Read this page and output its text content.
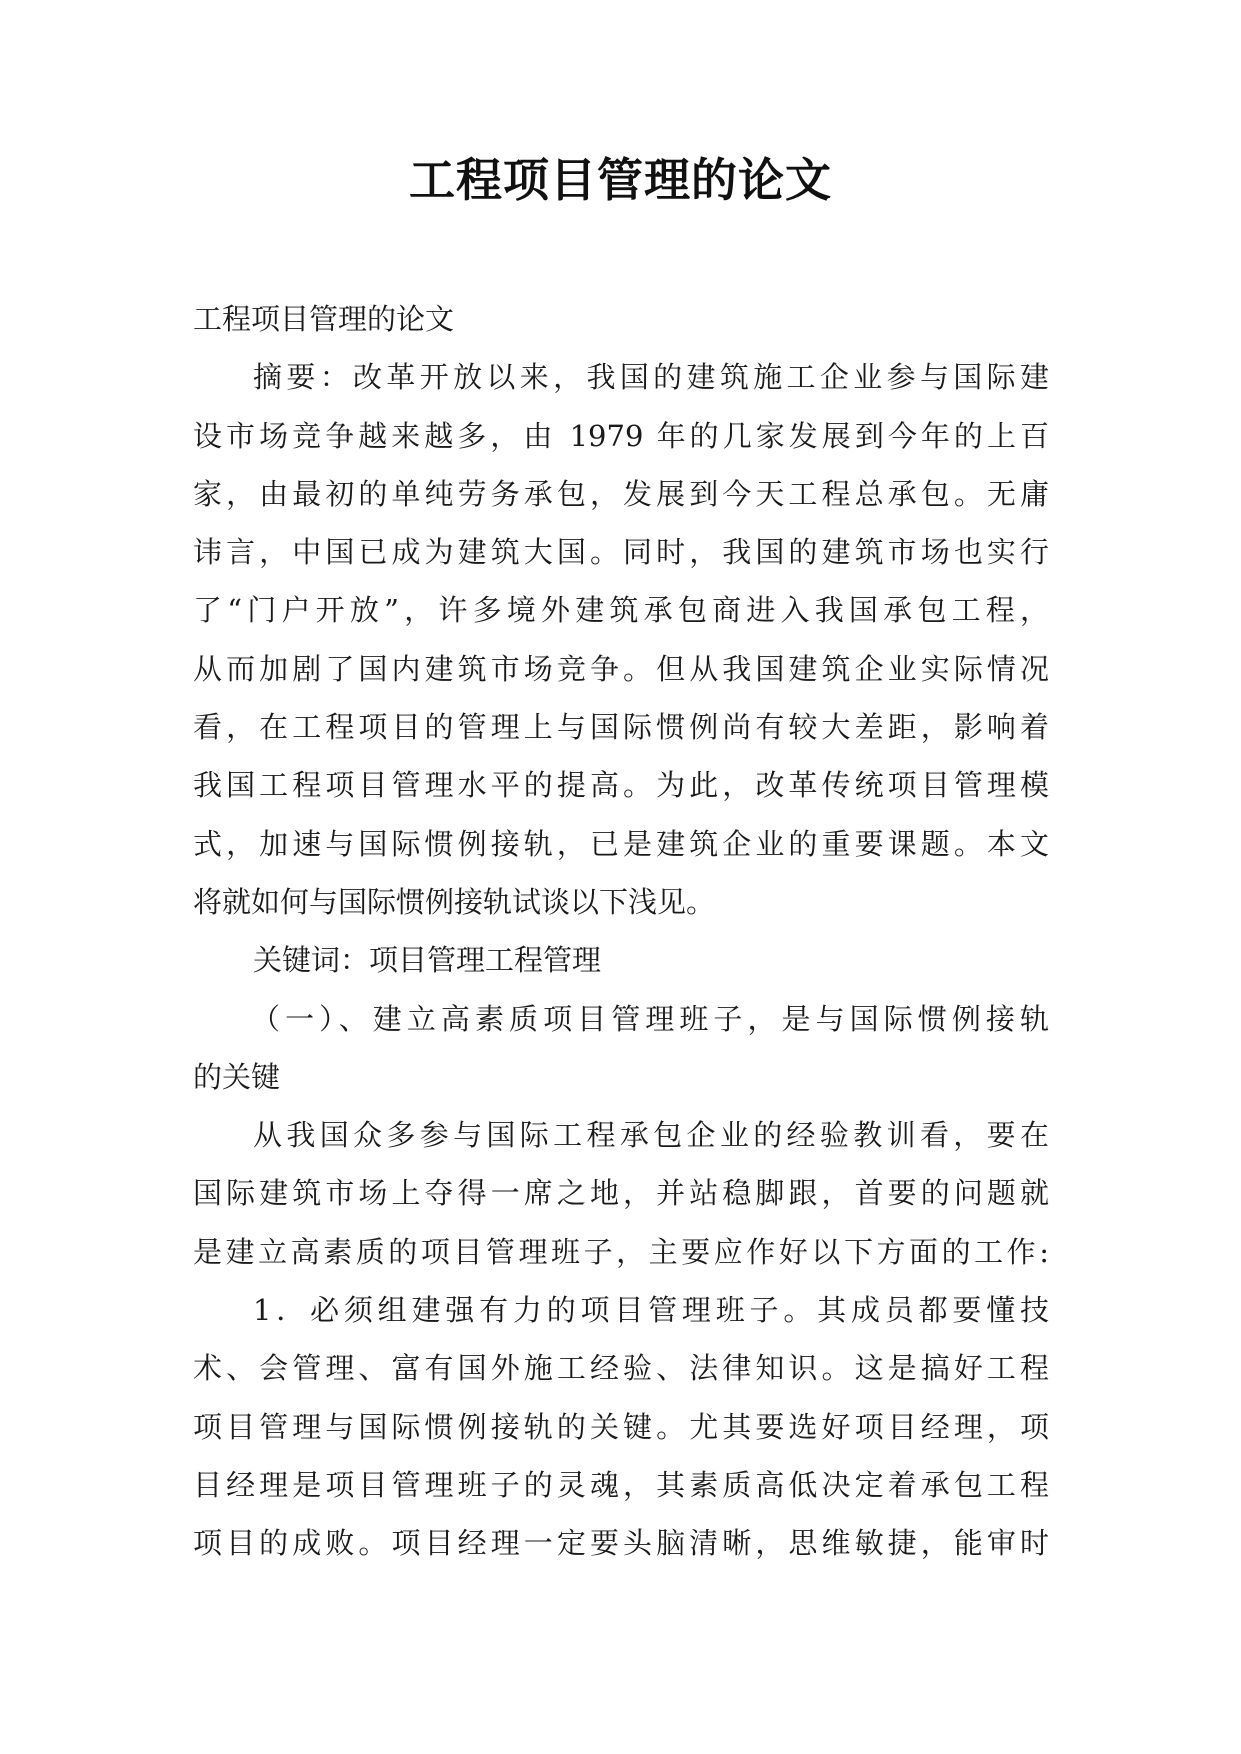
工程项目管理的论文
工程项目管理的论文
摘要：改革开放以来，我国的建筑施工企业参与国际建
设市场竞争越来越多，由 1979 年的几家发展到今年的上百
家，由最初的单纯劳务承包，发展到今天工程总承包。无庸
讳言，中国已成为建筑大国。同时，我国的建筑市场也实行
了“门户开放”，许多境外建筑承包商进入我国承包工程，
从而加剧了国内建筑市场竞争。但从我国建筑企业实际情况
看，在工程项目的管理上与国际惯例尚有较大差距，影响着
我国工程项目管理水平的提高。为此，改革传统项目管理模
式，加速与国际惯例接轨，已是建筑企业的重要课题。本文
将就如何与国际惯例接轨试谈以下浅见。
关键词：项目管理工程管理
（一）、建立高素质项目管理班子，是与国际惯例接轨
的关键
从我国众多参与国际工程承包企业的经验教训看，要在
国际建筑市场上夺得一席之地，并站稳脚跟，首要的问题就
是建立高素质的项目管理班子，主要应作好以下方面的工作:
1．必须组建强有力的项目管理班子。其成员都要懂技
术、会管理、富有国外施工经验、法律知识。这是搞好工程
项目管理与国际惯例接轨的关键。尤其要选好项目经理，项
目经理是项目管理班子的灵魂，其素质高低决定着承包工程
项目的成败。项目经理一定要头脑清晰，思维敏捷，能审时
